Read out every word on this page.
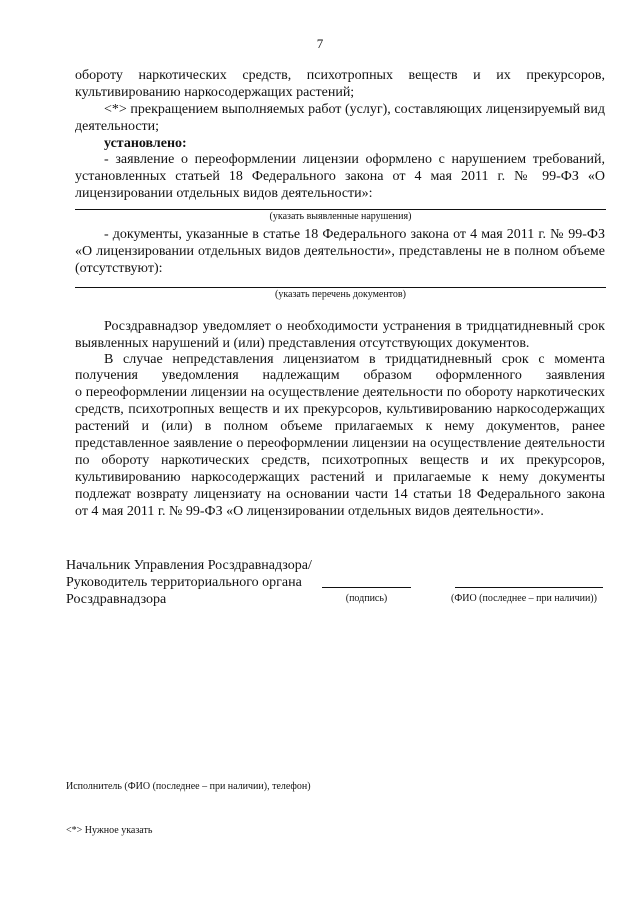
7
обороту наркотических средств, психотропных веществ и их прекурсоров,
культивированию наркосодержащих растений;
<*> прекращением выполняемых работ (услуг), составляющих лицензируемый вид
деятельности;
установлено:
- заявление о переоформлении лицензии оформлено с нарушением требований,
установленных статьей 18 Федерального закона от 4 мая 2011 г. № 99-ФЗ «О
лицензировании отдельных видов деятельности»:
(указать выявленные нарушения)
- документы, указанные в статье 18 Федерального закона от 4 мая 2011 г. № 99-ФЗ
«О лицензировании отдельных видов деятельности», представлены не в полном объеме
(отсутствуют):
(указать перечень документов)
Росздравнадзор уведомляет о необходимости устранения в тридцатидневный срок
выявленных нарушений и (или) представления отсутствующих документов.
В случае непредставления лицензиатом в тридцатидневный срок с момента
получения уведомления надлежащим образом оформленного заявления
о переоформлении лицензии на осуществление деятельности по обороту наркотических
средств, психотропных веществ и их прекурсоров, культивированию наркосодержащих
растений и (или) в полном объеме прилагаемых к нему документов, ранее
представленное заявление о переоформлении лицензии на осуществление деятельности
по обороту наркотических средств, психотропных веществ и их прекурсоров,
культивированию наркосодержащих растений и прилагаемые к нему документы
подлежат возврату лицензиату на основании части 14 статьи 18 Федерального закона
от 4 мая 2011 г. № 99-ФЗ «О лицензировании отдельных видов деятельности».
Начальник Управления Росздравнадзора/
Руководитель территориального органа
Росздравнадзора	(подпись)	(ФИО (последнее – при наличии))
Исполнитель (ФИО (последнее – при наличии), телефон)
<*> Нужное указать
